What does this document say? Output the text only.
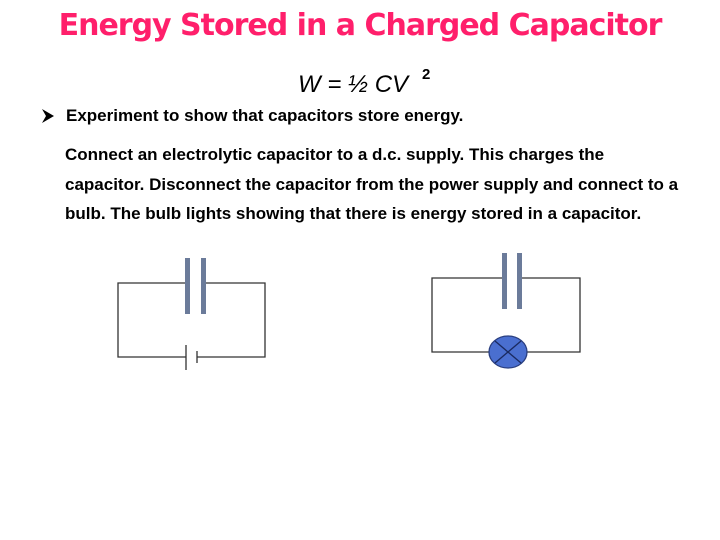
Energy Stored in a Charged Capacitor
W = ½ CV $^2$
Experiment to show that capacitors store energy.
Connect an electrolytic capacitor to a d.c. supply. This charges the capacitor. Disconnect the capacitor from the power supply and connect to a bulb. The bulb lights showing that there is energy stored in a capacitor.
